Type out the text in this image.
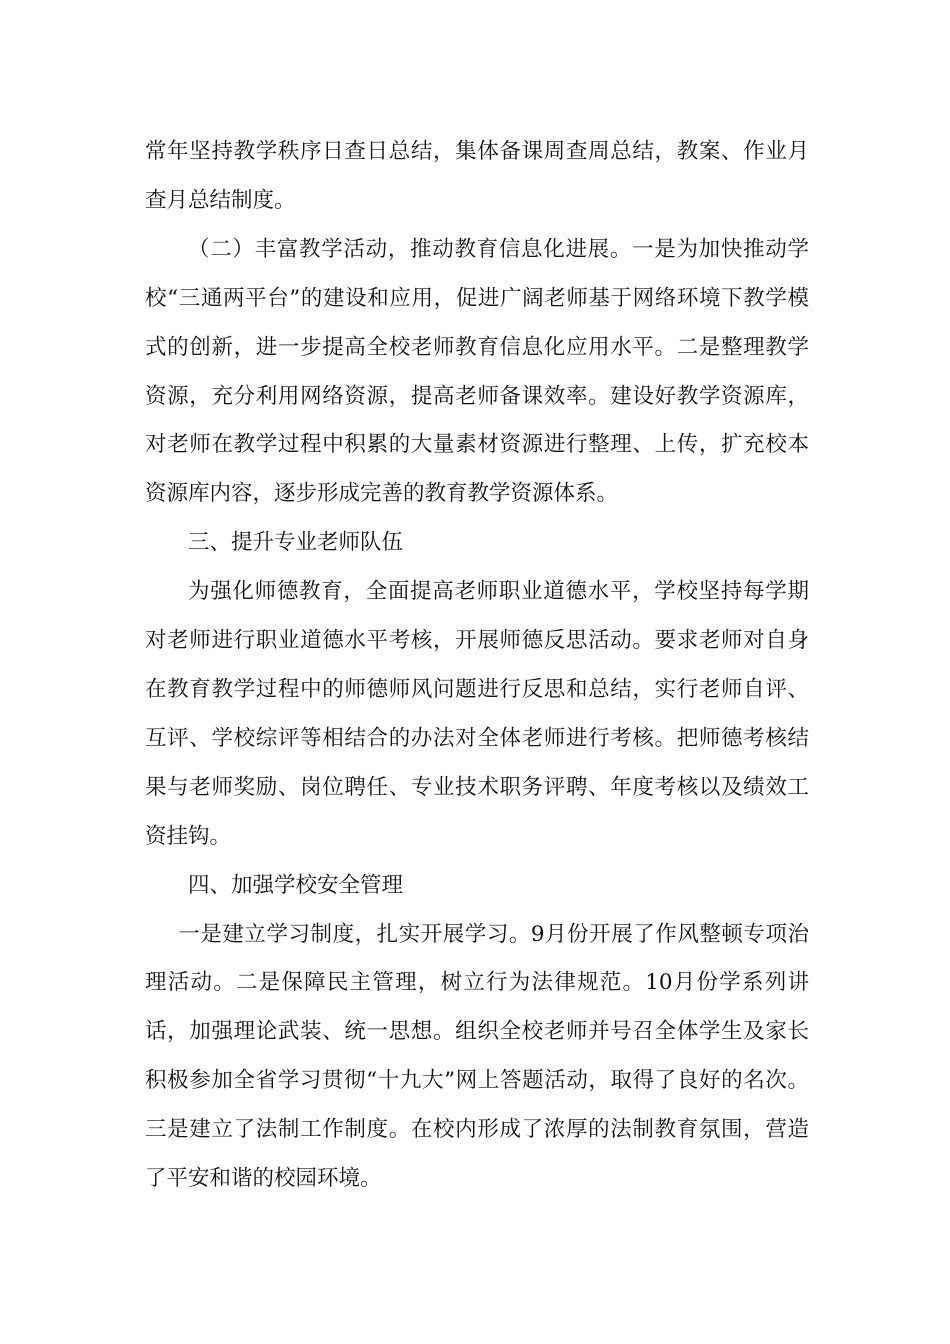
常年坚持教学秩序日查日总结，集体备课周查周总结，教案、作业月查月总结制度。

（二）丰富教学活动，推动教育信息化进展。一是为加快推动学校“三通两平台”的建设和应用，促进广阔老师基于网络环境下教学模式的创新，进一步提高全校老师教育信息化应用水平。二是整理教学资源，充分利用网络资源，提高老师备课效率。建设好教学资源库，对老师在教学过程中积累的大量素材资源进行整理、上传，扩充校本资源库内容，逐步形成完善的教育教学资源体系。

三、提升专业老师队伍

为强化师德教育，全面提高老师职业道德水平，学校坚持每学期对老师进行职业道德水平考核，开展师德反思活动。要求老师对自身在教育教学过程中的师德师风问题进行反思和总结，实行老师自评、互评、学校综评等相结合的办法对全体老师进行考核。把师德考核结果与老师奖励、岗位聘任、专业技术职务评聘、年度考核以及绩效工资挂钩。

四、加强学校安全管理

一是建立学习制度，扎实开展学习。9月份开展了作风整顿专项治理活动。二是保障民主管理，树立行为法律规范。10月份学系列讲话，加强理论武装、统一思想。组织全校老师并号召全体学生及家长积极参加全省学习贯彻“十九大”网上答题活动，取得了良好的名次。三是建立了法制工作制度。在校内形成了浓厚的法制教育氛围，营造了平安和谐的校园环境。
